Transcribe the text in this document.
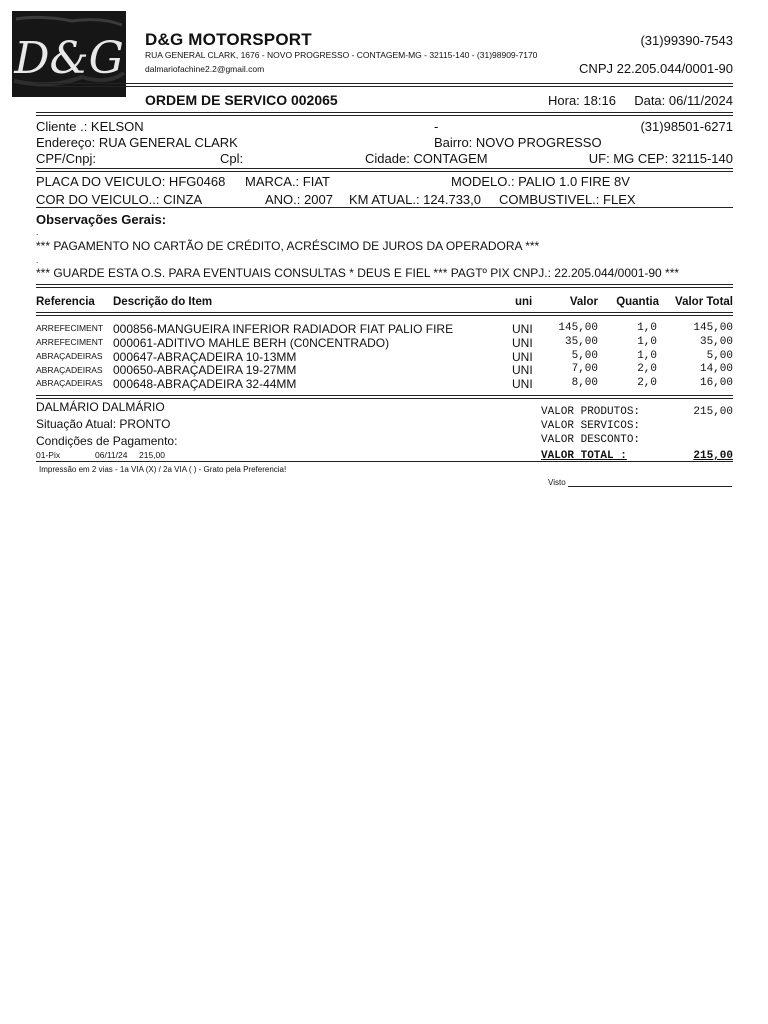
D&G D&G MOTORSPORT
RUA GENERAL CLARK, 1676 - NOVO PROGRESSO - CONTAGEM-MG - 32115-140 - (31)98909-7170
dalmariofachine2.2@gmail.com
(31)99390-7543
CNPJ 22.205.044/0001-90
ORDEM DE SERVICO 002065	Hora: 18:16 Data: 06/11/2024
Cliente .: KELSON	-	(31)98501-6271
Endereço: RUA GENERAL CLARK	Bairro: NOVO PROGRESSO
CPF/Cnpj:	Cpl:	Cidade: CONTAGEM	UF: MG CEP: 32115-140
PLACA DO VEICULO: HFG0468 MARCA.: FIAT	MODELO.: PALIO 1.0 FIRE 8V
COR DO VEICULO..: CINZA	ANO.: 2007 KM ATUAL.: 124.733,0 COMBUSTIVEL.: FLEX
Observações Gerais:
.
*** PAGAMENTO NO CARTÃO DE CRÉDITO, ACRÉSCIMO DE JUROS DA OPERADORA ***
.
*** GUARDE ESTA O.S. PARA EVENTUAIS CONSULTAS * DEUS E FIEL *** PAGTº PIX CNPJ.: 22.205.044/0001-90 ***
Referencia Descrição do Item	uni	Valor Quantia Valor Total
ARREFECIMENT 000856-MANGUEIRA INFERIOR RADIADOR FIAT PALIO FIRE	UNI 145,00	1,0	145,00
ARREFECIMENT 000061-ADITIVO MAHLE BERH (C0NCENTRADO)	UNI	35,00	1,0	35,00
ABRAÇADEIRAS 000647-ABRAÇADEIRA 10-13MM	UNI	5,00	1,0	5,00
ABRAÇADEIRAS 000650-ABRAÇADEIRA 19-27MM	UNI	7,00	2,0	14,00
ABRAÇADEIRAS 000648-ABRAÇADEIRA 32-44MM	UNI	8,00	2,0	16,00
DALMÁRIO DALMÁRIO
Situação Atual: PRONTO
Condições de Pagamento:
01-Pix	06/11/24 215,00
VALOR PRODUTOS:	215,00
VALOR SERVICOS:
VALOR DESCONTO:
VALOR TOTAL :	215,00
Impressão em 2 vias - 1a VIA (X) / 2a VIA ( ) - Grato pela Preferencia!
Visto
